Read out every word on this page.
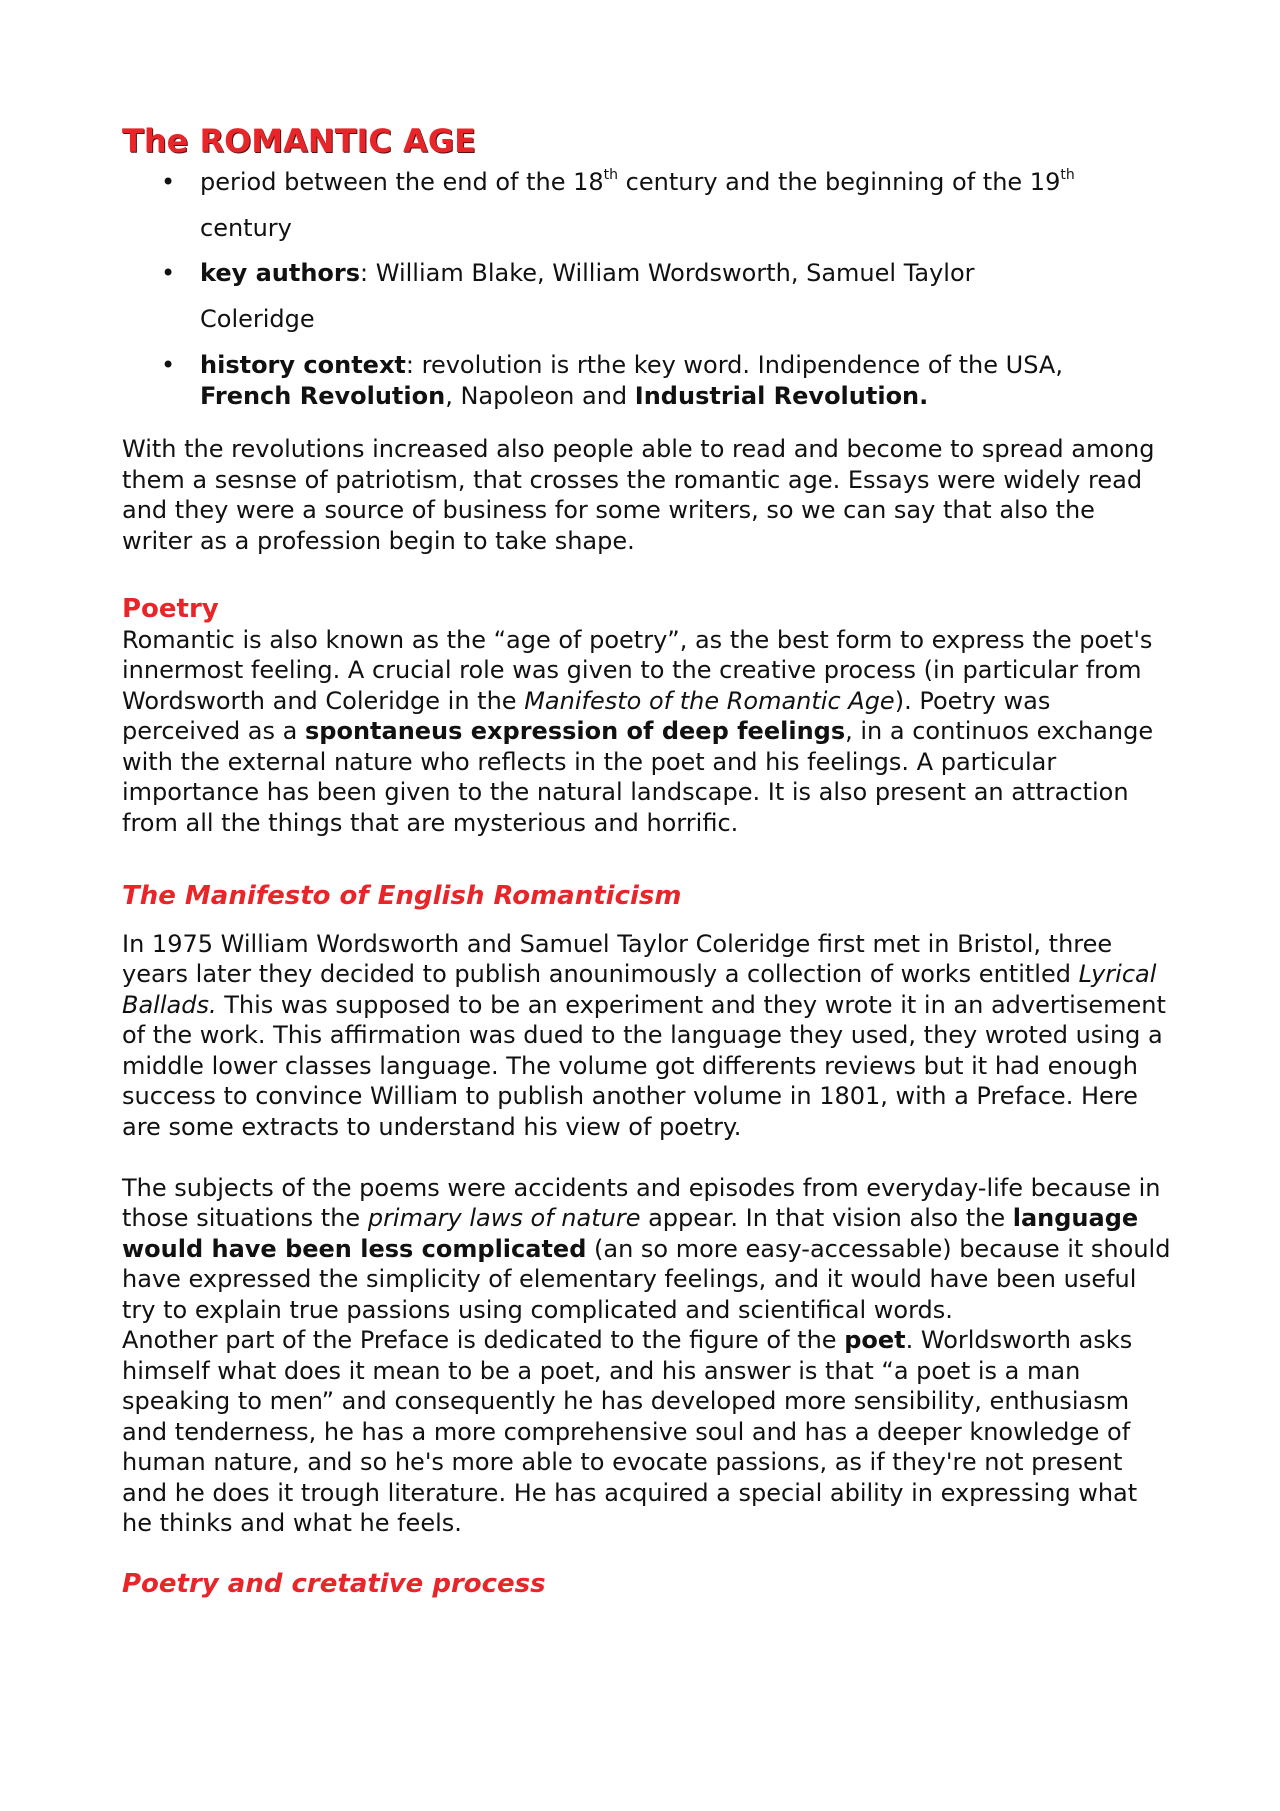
The ROMANTIC AGE
• period between the end of the 18th century and the beginning of the 19th
century
• key authors: William Blake, William Wordsworth, Samuel Taylor
Coleridge
• history context: revolution is rthe key word. Indipendence of the USA,
French Revolution, Napoleon and Industrial Revolution.

With the revolutions increased also people able to read and become to spread among them a sesnse of patriotism, that crosses the romantic age. Essays were widely read and they were a source of business for some writers, so we can say that also the writer as a profession begin to take shape.

Poetry

Romantic is also known as the “age of poetry”, as the best form to express the poet's innermost feeling. A crucial role was given to the creative process (in particular from Wordsworth and Coleridge in the Manifesto of the Romantic Age). Poetry was perceived as a spontaneus expression of deep feelings, in a continuos exchange with the external nature who reflects in the poet and his feelings. A particular importance has been given to the natural landscape. It is also present an attraction from all the things that are mysterious and horrific.

The Manifesto of English Romanticism

In 1975 William Wordsworth and Samuel Taylor Coleridge first met in Bristol, three years later they decided to publish anounimously a collection of works entitled Lyrical Ballads. This was supposed to be an experiment and they wrote it in an advertisement of the work. This affirmation was dued to the language they used, they wroted using a middle lower classes language. The volume got differents reviews but it had enough success to convince William to publish another volume in 1801, with a Preface. Here are some extracts to understand his view of poetry.

The subjects of the poems were accidents and episodes from everyday-life because in those situations the primary laws of nature appear. In that vision also the language would have been less complicated (an so more easy-accessable) because it should have expressed the simplicity of elementary feelings, and it would have been useful try to explain true passions using complicated and scientifical words.

Another part of the Preface is dedicated to the figure of the poet. Worldsworth asks himself what does it mean to be a poet, and his answer is that “a poet is a man speaking to men” and consequently he has developed more sensibility, enthusiasm and tenderness, he has a more comprehensive soul and has a deeper knowledge of human nature, and so he's more able to evocate passions, as if they're not present and he does it trough literature. He has acquired a special ability in expressing what he thinks and what he feels.

Poetry and cretative process
